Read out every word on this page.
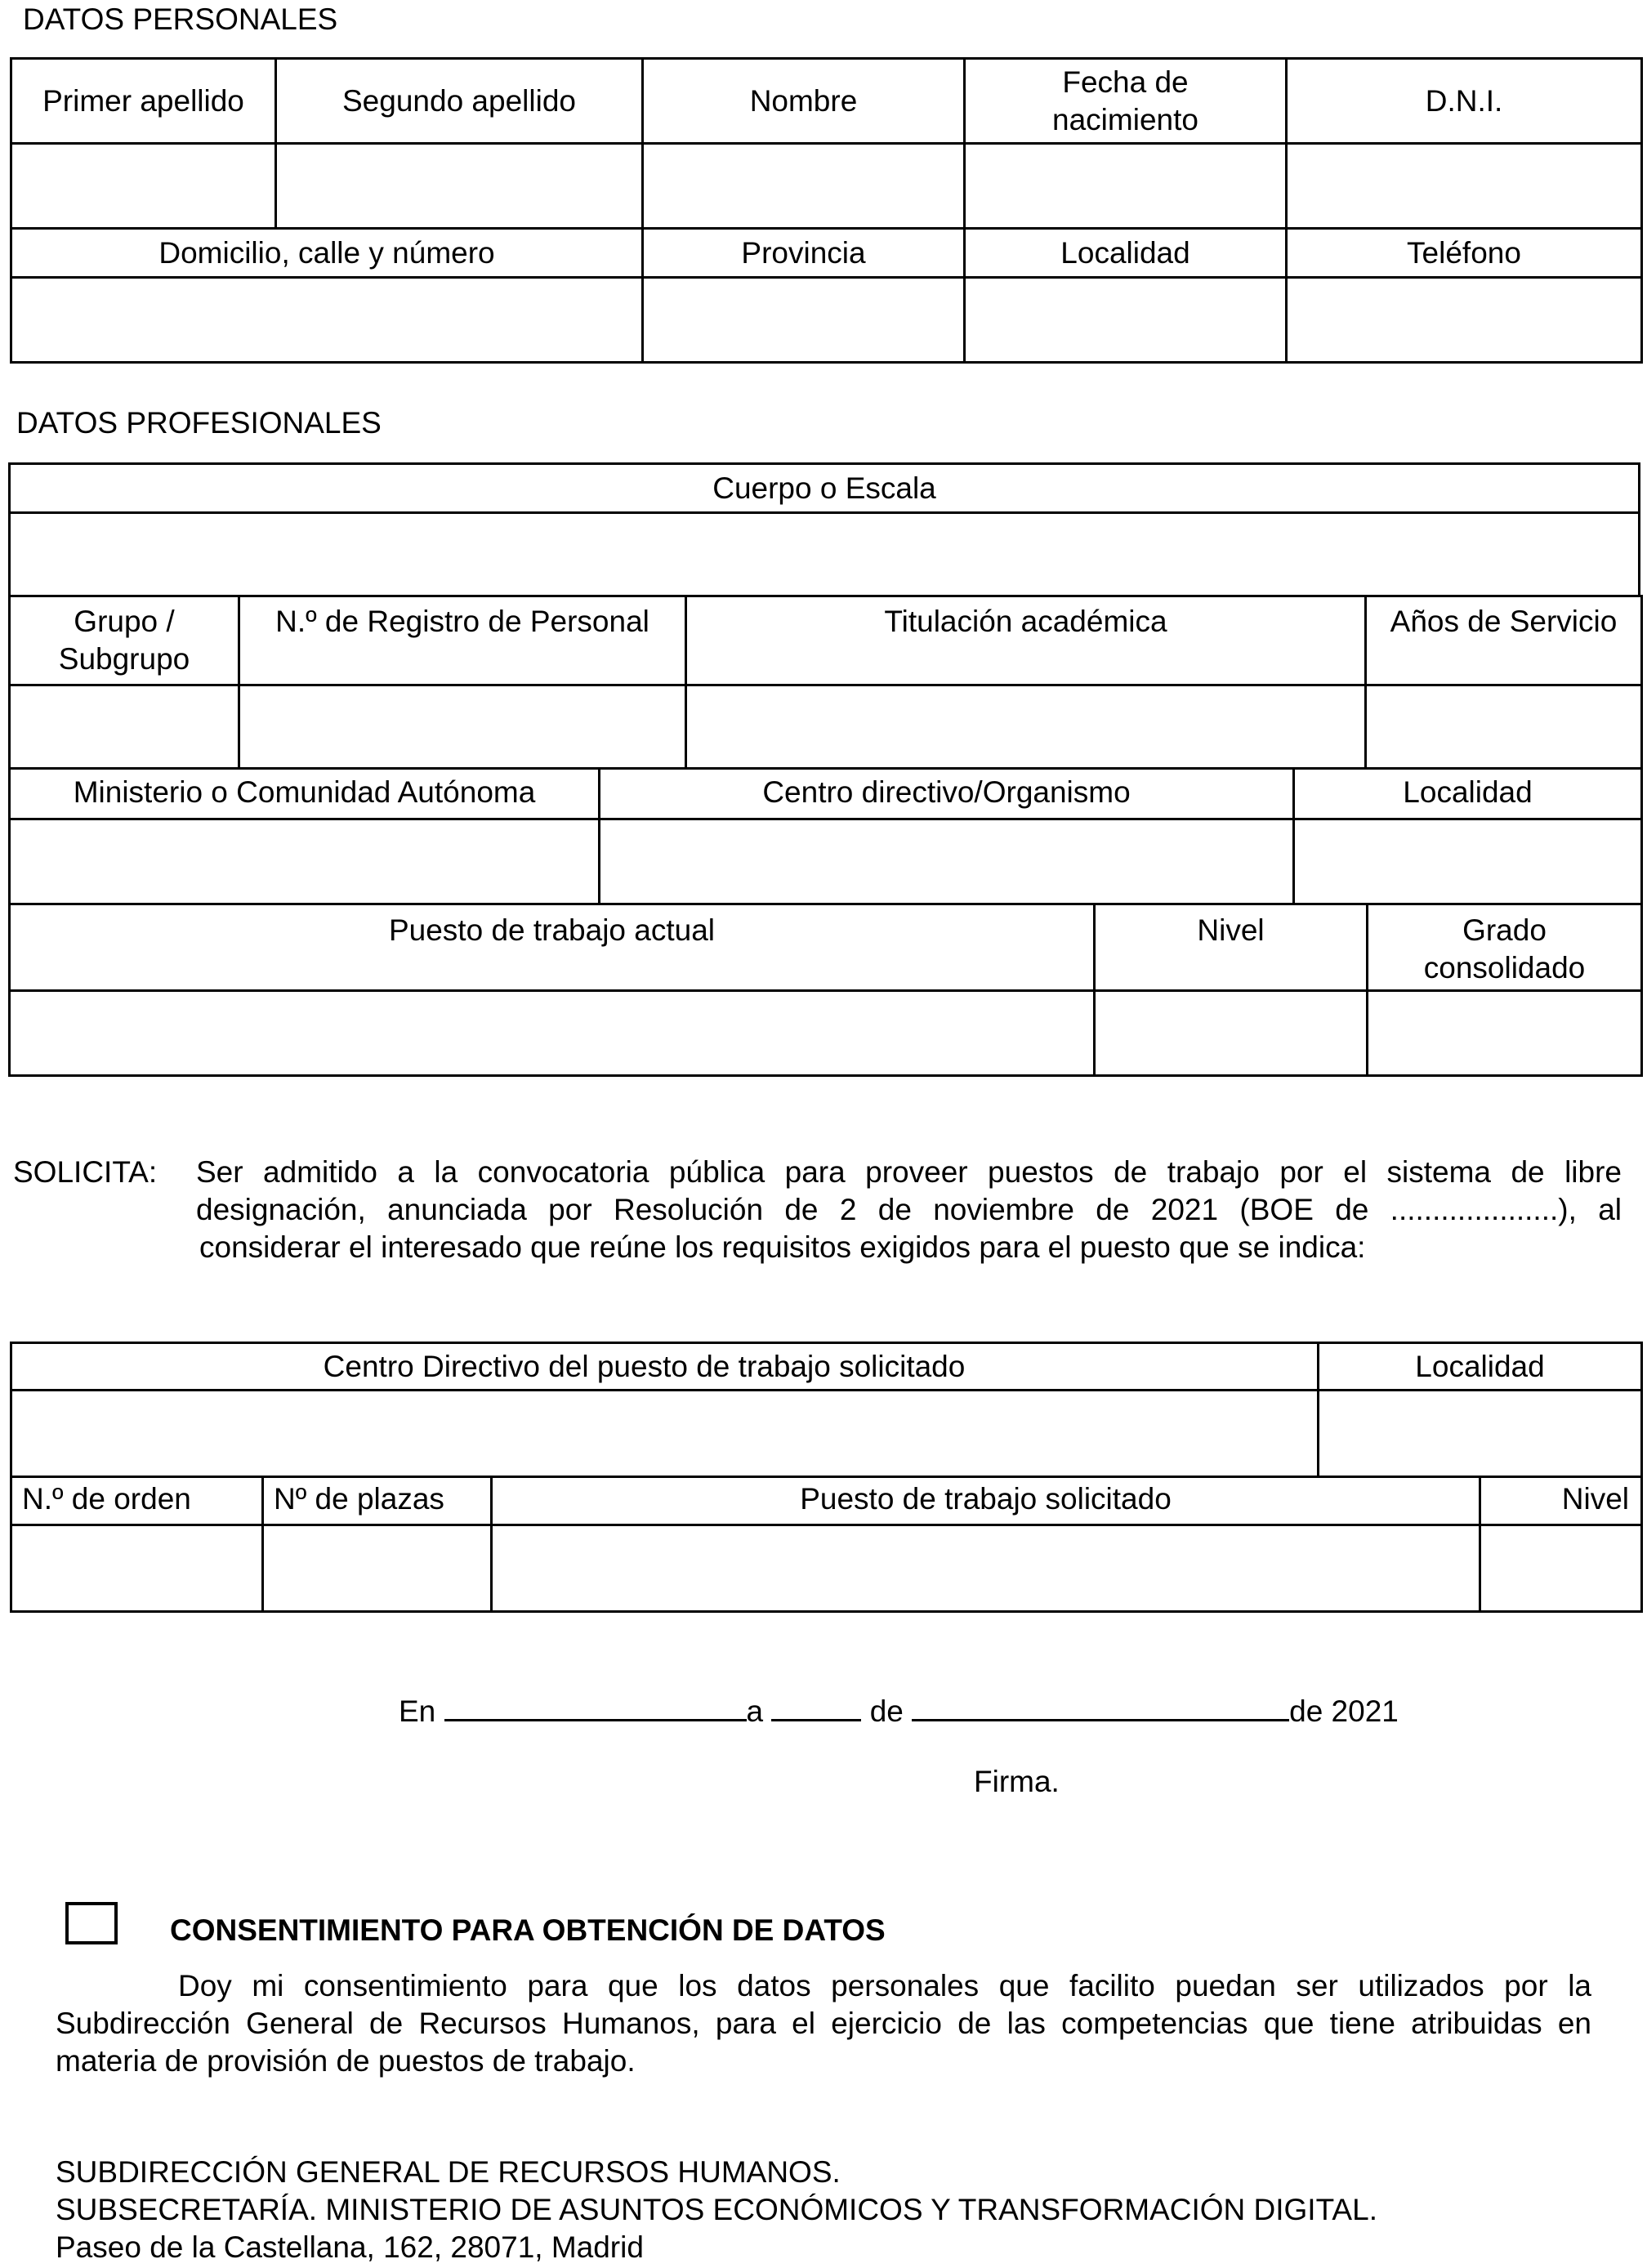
DATOS PERSONALES
Primer apellido	Segundo apellido	Nombre	Fecha de nacimiento	D.N.I.

Domicilio, calle y número		Provincia	Localidad	Teléfono

DATOS PROFESIONALES
Cuerpo o Escala

Grupo / Subgrupo	N.º de Registro de Personal	Titulación académica	Años de Servicio

Ministerio o Comunidad Autónoma	Centro directivo/Organismo	Localidad

Puesto de trabajo actual	Nivel	Grado consolidado

SOLICITA: Ser admitido a la convocatoria pública para proveer puestos de trabajo por el sistema de libre
designación, anunciada por Resolución de 2 de noviembre de 2021 (BOE de ....................), al
considerar el interesado que reúne los requisitos exigidos para el puesto que se indica:
Centro Directivo del puesto de trabajo solicitado	Localidad

N.º de orden	Nº de plazas	Puesto de trabajo solicitado	Nivel

En	a	de	de 2021
Firma.
CONSENTIMIENTO PARA OBTENCIÓN DE DATOS
Doy mi consentimiento para que los datos personales que facilito puedan ser utilizados por la Subdirección General de Recursos Humanos, para el ejercicio de las competencias que tiene atribuidas en materia de provisión de puestos de trabajo.
SUBDIRECCIÓN GENERAL DE RECURSOS HUMANOS.
SUBSECRETARÍA. MINISTERIO DE ASUNTOS ECONÓMICOS Y TRANSFORMACIÓN DIGITAL.
Paseo de la Castellana, 162, 28071, Madrid
